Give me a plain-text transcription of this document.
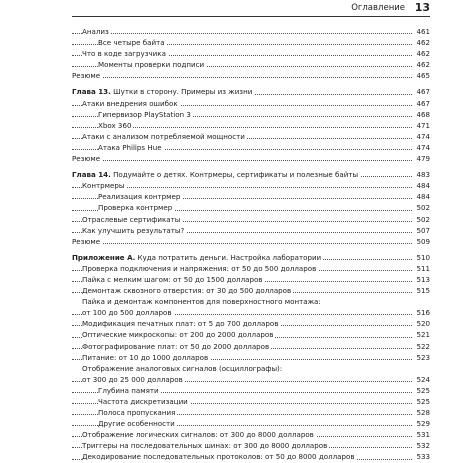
Оглавление 13
Анализ	461
Все четыре байта	462
Что в коде загрузчика	462
Моменты проверки подписи	462
Резюме	465
Глава 13. Шутки в сторону. Примеры из жизни	467
Атаки внедрения ошибок	467
Гипервизор PlayStation 3	468
Xbox 360	471
Атаки с анализом потребляемой мощности	474
Атака Philips Hue	474
Резюме	479
Глава 14. Подумайте о детях. Контрмеры, сертификаты и полезные байты	483
Контрмеры	484
Реализация контрмер	484
Проверка контрмер	502
Отраслевые сертификаты	502
Как улучшить результаты?	507
Резюме	509
Приложение А. Куда потратить деньги. Настройка лаборатории	510
Проверка подключения и напряжения: от 50 до 500 долларов	511
Пайка с мелким шагом: от 50 до 1500 долларов	513
Демонтаж сквозного отверстия: от 30 до 500 долларов	515
Пайка и демонтаж компонентов для поверхностного монтажа:
от 100 до 500 долларов	516
Модификация печатных плат: от 5 до 700 долларов	520
Оптические микроскопы: от 200 до 2000 долларов	521
Фотографирование плат: от 50 до 2000 долларов	522
Питание: от 10 до 1000 долларов	523
Отображение аналоговых сигналов (осциллографы):
от 300 до 25 000 долларов	524
Глубина памяти	525
Частота дискретизации	525
Полоса пропускания	528
Другие особенности	529
Отображение логических сигналов: от 300 до 8000 долларов	531
Триггеры на последовательных шинах: от 300 до 8000 долларов	532
Декодирование последовательных протоколов: от 50 до 8000 долларов	533
